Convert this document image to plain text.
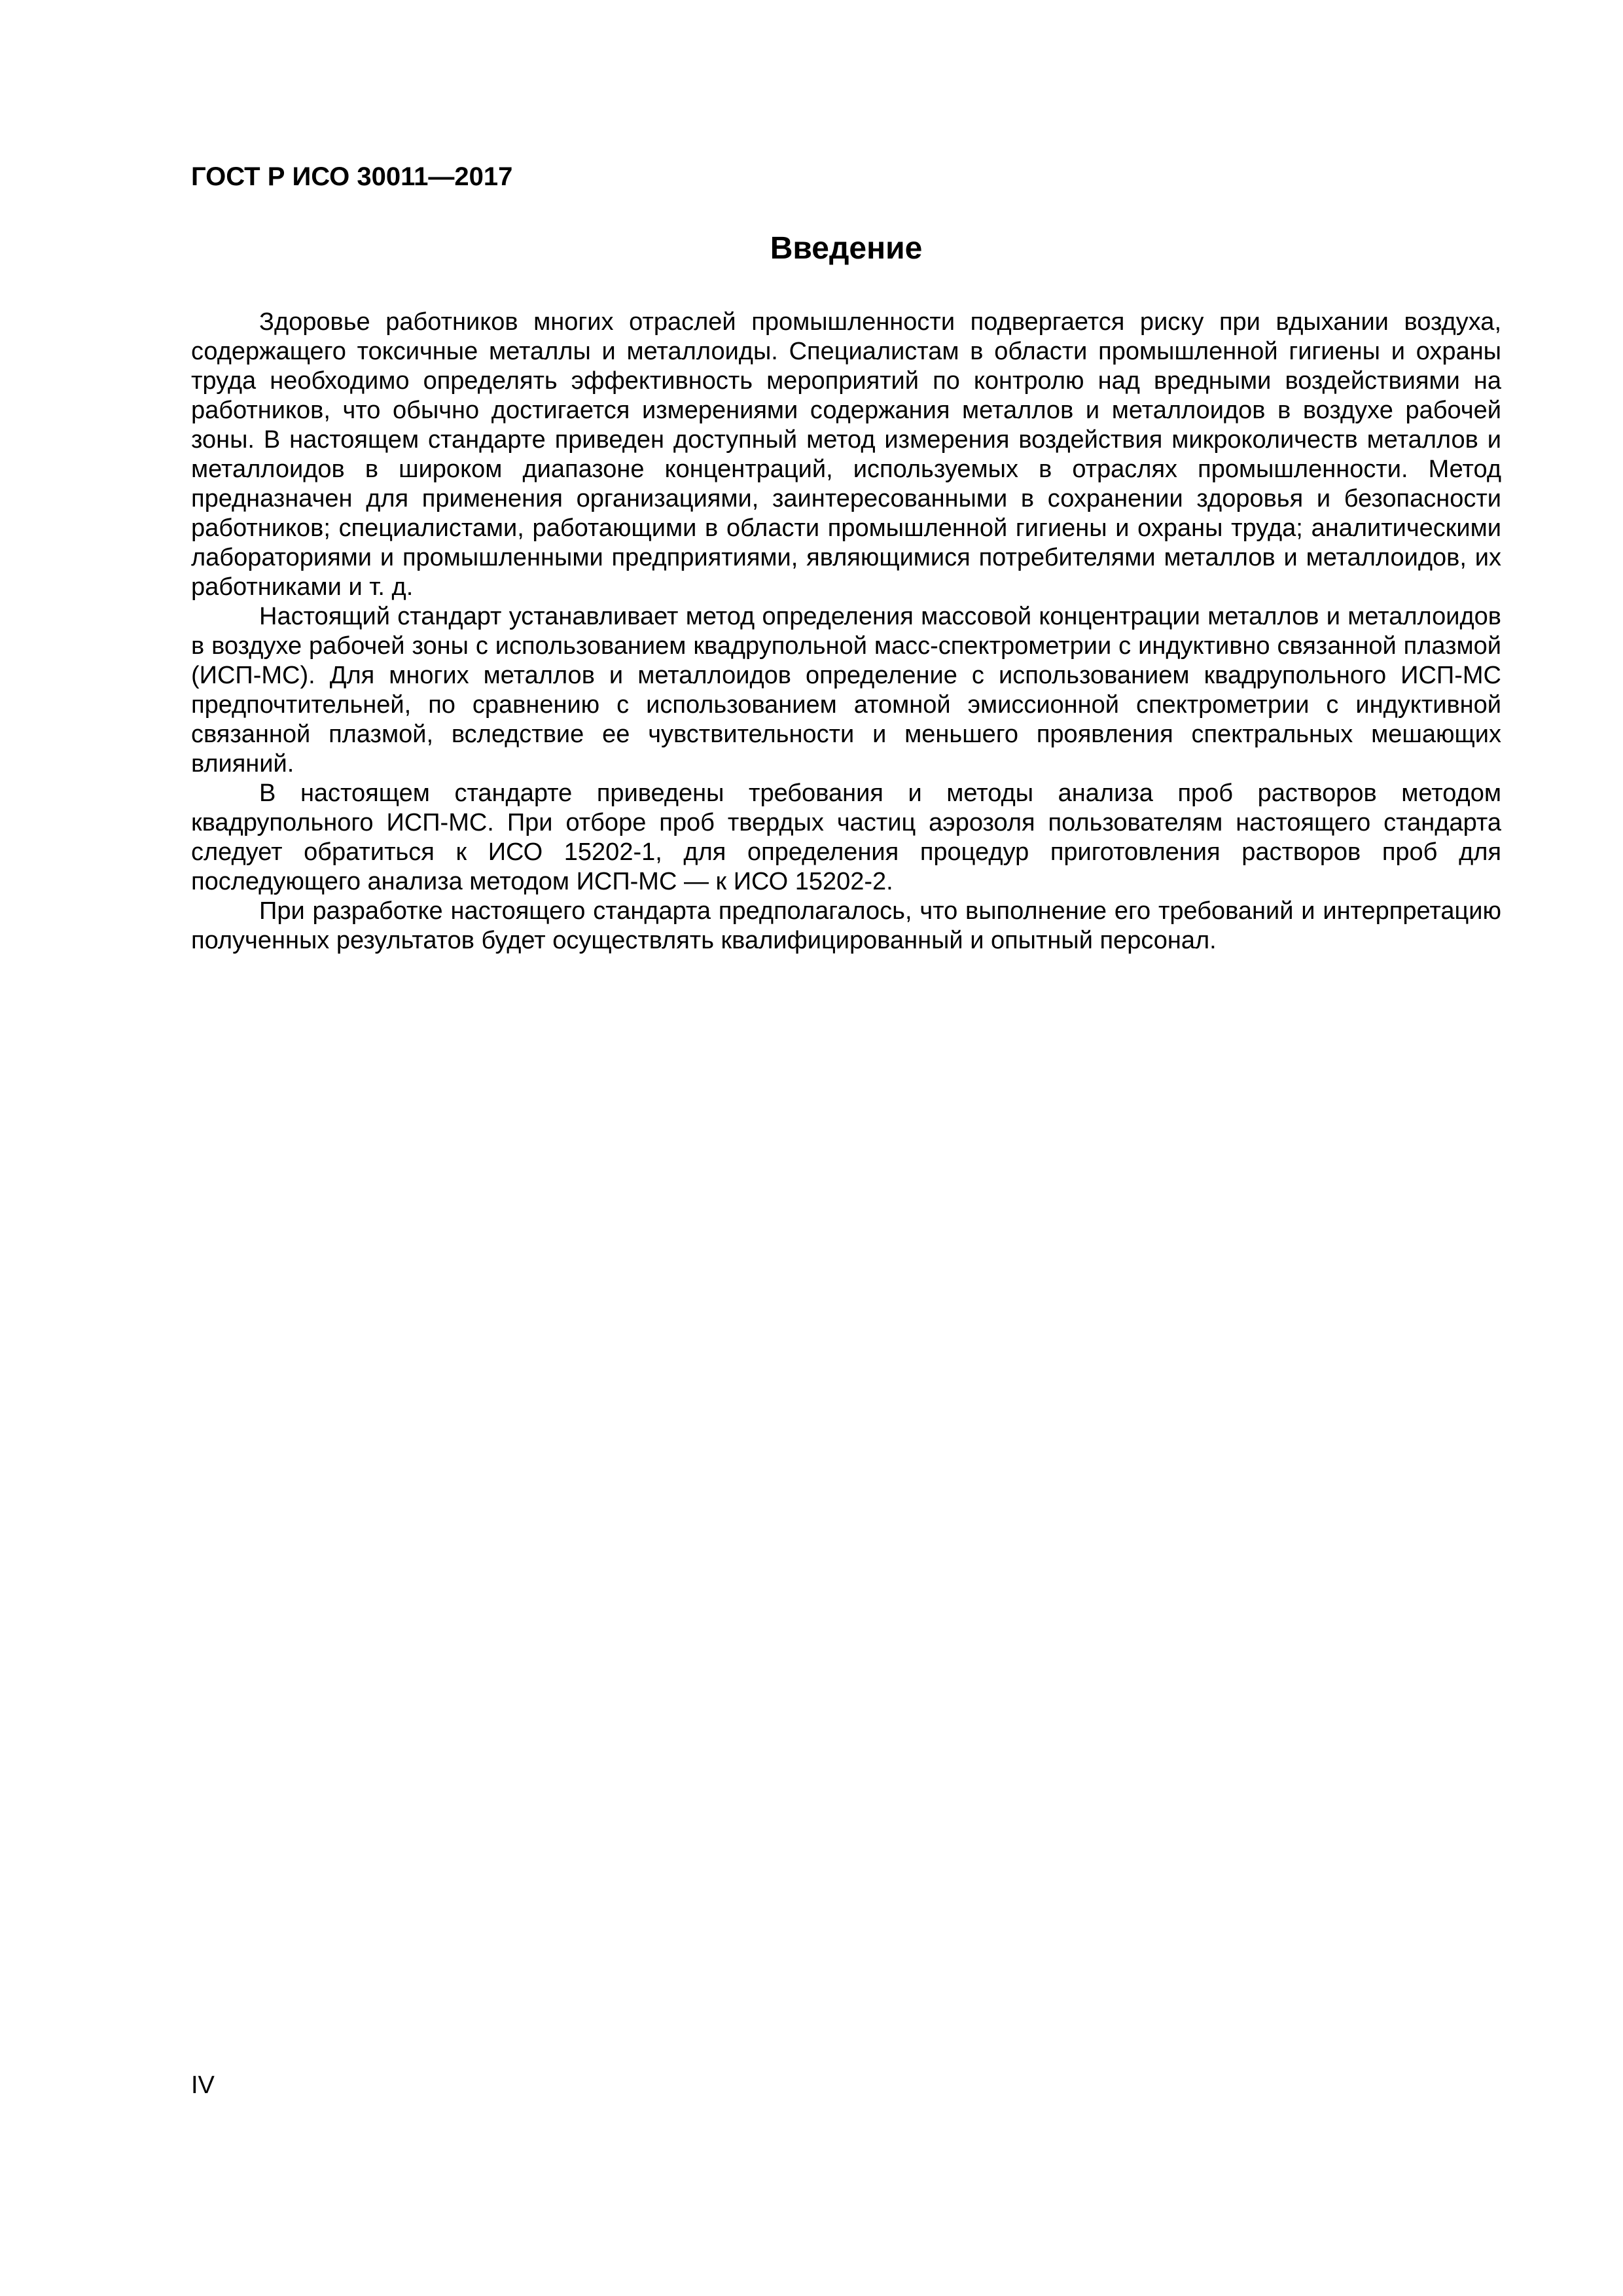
ГОСТ Р ИСО 30011—2017
Введение

Здоровье работников многих отраслей промышленности подвергается риску при вдыхании воздуха, содержащего токсичные металлы и металлоиды. Специалистам в области промышленной гигиены и охраны труда необходимо определять эффективность мероприятий по контролю над вредными воздействиями на работников, что обычно достигается измерениями содержания металлов и металлоидов в воздухе рабочей зоны. В настоящем стандарте приведен доступный метод измерения воздействия микроколичеств металлов и металлоидов в широком диапазоне концентраций, используемых в отраслях промышленности. Метод предназначен для применения организациями, заинтересованными в сохранении здоровья и безопасности работников; специалистами, работающими в области промышленной гигиены и охраны труда; аналитическими лабораториями и промышленными предприятиями, являющимися потребителями металлов и металлоидов, их работниками и т. д.

Настоящий стандарт устанавливает метод определения массовой концентрации металлов и металлоидов в воздухе рабочей зоны с использованием квадрупольной масс-спектрометрии с индуктивно связанной плазмой (ИСП-МС). Для многих металлов и металлоидов определение с использованием квадрупольного ИСП-МС предпочтительней, по сравнению с использованием атомной эмиссионной спектрометрии с индуктивной связанной плазмой, вследствие ее чувствительности и меньшего проявления спектральных мешающих влияний.

В настоящем стандарте приведены требования и методы анализа проб растворов методом квадрупольного ИСП-МС. При отборе проб твердых частиц аэрозоля пользователям настоящего стандарта следует обратиться к ИСО 15202-1, для определения процедур приготовления растворов проб для последующего анализа методом ИСП-МС — к ИСО 15202-2.

При разработке настоящего стандарта предполагалось, что выполнение его требований и интерпретацию полученных результатов будет осуществлять квалифицированный и опытный персонал.

IV
